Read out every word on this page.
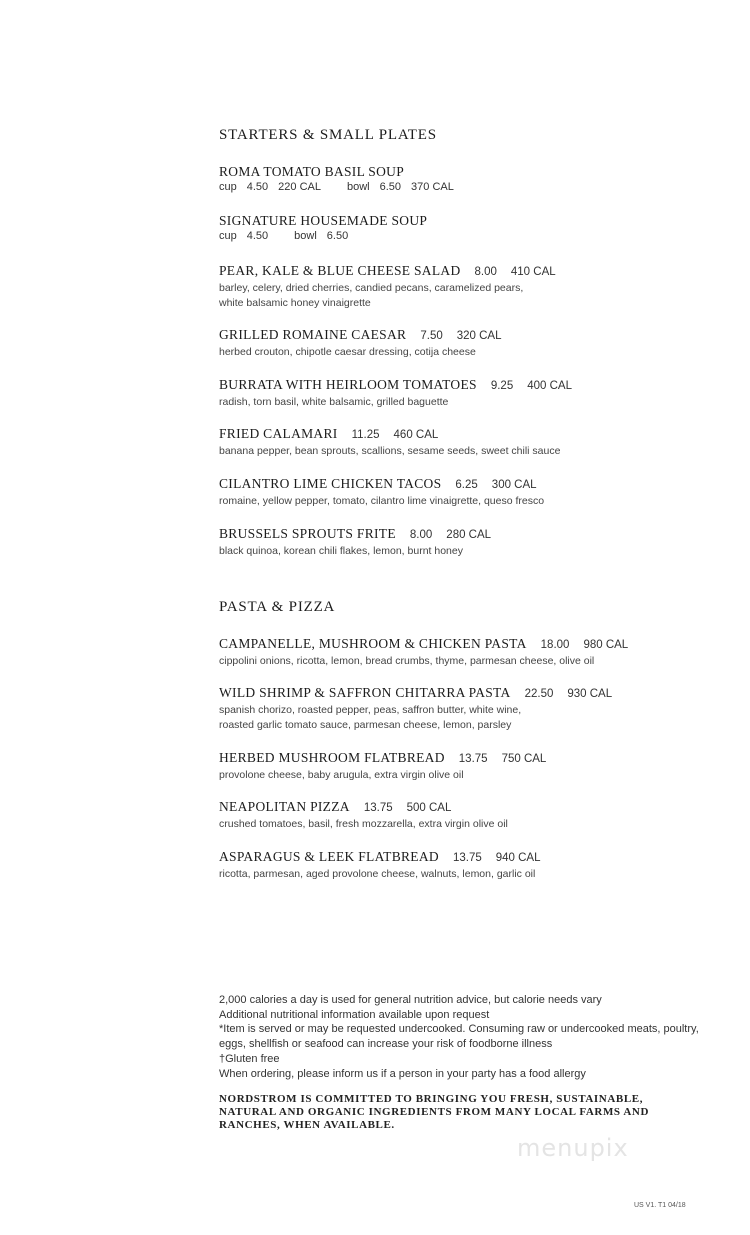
STARTERS & SMALL PLATES
ROMA TOMATO BASIL SOUP
cup 4.50 220 CAL bowl 6.50 370 CAL
SIGNATURE HOUSEMADE SOUP
cup 4.50 bowl 6.50
PEAR, KALE & BLUE CHEESE SALAD 8.00 410 CAL
barley, celery, dried cherries, candied pecans, caramelized pears,
white balsamic honey vinaigrette
GRILLED ROMAINE CAESAR 7.50 320 CAL
herbed crouton, chipotle caesar dressing, cotija cheese
BURRATA WITH HEIRLOOM TOMATOES 9.25 400 CAL
radish, torn basil, white balsamic, grilled baguette
FRIED CALAMARI 11.25 460 CAL
banana pepper, bean sprouts, scallions, sesame seeds, sweet chili sauce
CILANTRO LIME CHICKEN TACOS 6.25 300 CAL
romaine, yellow pepper, tomato, cilantro lime vinaigrette, queso fresco
BRUSSELS SPROUTS FRITE 8.00 280 CAL
black quinoa, korean chili flakes, lemon, burnt honey
PASTA & PIZZA
CAMPANELLE, MUSHROOM & CHICKEN PASTA 18.00 980 CAL
cippolini onions, ricotta, lemon, bread crumbs, thyme, parmesan cheese, olive oil
WILD SHRIMP & SAFFRON CHITARRA PASTA 22.50 930 CAL
spanish chorizo, roasted pepper, peas, saffron butter, white wine,
roasted garlic tomato sauce, parmesan cheese, lemon, parsley
HERBED MUSHROOM FLATBREAD 13.75 750 CAL
provolone cheese, baby arugula, extra virgin olive oil
NEAPOLITAN PIZZA 13.75 500 CAL
crushed tomatoes, basil, fresh mozzarella, extra virgin olive oil
ASPARAGUS & LEEK FLATBREAD 13.75 940 CAL
ricotta, parmesan, aged provolone cheese, walnuts, lemon, garlic oil
2,000 calories a day is used for general nutrition advice, but calorie needs vary
Additional nutritional information available upon request
*Item is served or may be requested undercooked. Consuming raw or undercooked meats, poultry,
eggs, shellfish or seafood can increase your risk of foodborne illness
†Gluten free
When ordering, please inform us if a person in your party has a food allergy
NORDSTROM IS COMMITTED TO BRINGING YOU FRESH, SUSTAINABLE,
NATURAL AND ORGANIC INGREDIENTS FROM MANY LOCAL FARMS AND
RANCHES, WHEN AVAILABLE.
menupix
US V1. T1 04/18
